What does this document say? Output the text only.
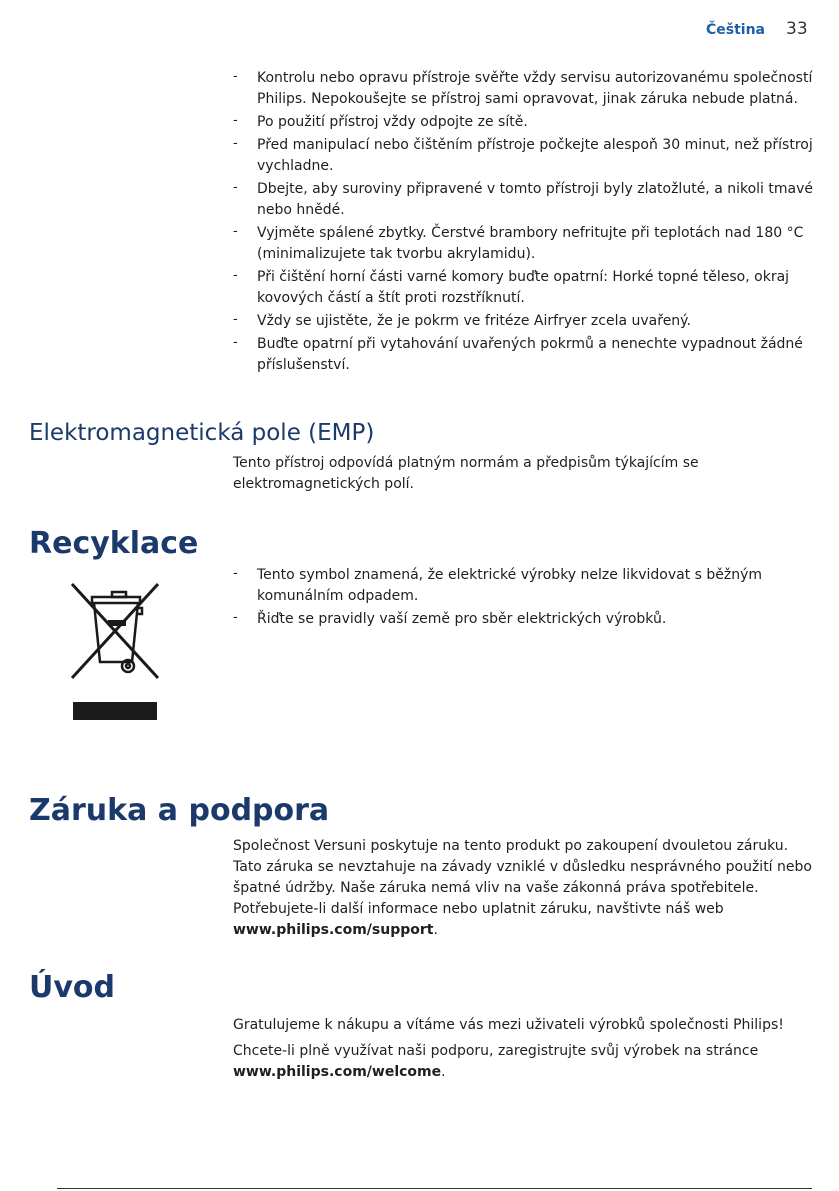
Čeština 33
- Kontrolu nebo opravu přístroje svěřte vždy servisu autorizovanému společností Philips. Nepokoušejte se přístroj sami opravovat, jinak záruka nebude platná.
- Po použití přístroj vždy odpojte ze sítě.
- Před manipulací nebo čištěním přístroje počkejte alespoň 30 minut, než přístroj vychladne.
- Dbejte, aby suroviny připravené v tomto přístroji byly zlatožluté, a nikoli tmavé nebo hnědé.
- Vyjměte spálené zbytky. Čerstvé brambory nefritujte při teplotách nad 180 °C (minimalizujete tak tvorbu akrylamidu).
- Při čištění horní části varné komory buďte opatrní: Horké topné těleso, okraj kovových částí a štít proti rozstříknutí.
- Vždy se ujistěte, že je pokrm ve fritéze Airfryer zcela uvařený.
- Buďte opatrní při vytahování uvařených pokrmů a nenechte vypadnout žádné příslušenství.
Elektromagnetická pole (EMP)

Tento přístroj odpovídá platným normám a předpisům týkajícím se elektromagnetických polí.

Recyklace
- Tento symbol znamená, že elektrické výrobky nelze likvidovat s běžným komunálním odpadem.
- Řiďte se pravidly vaší země pro sběr elektrických výrobků.
Záruka a podpora

Společnost Versuni poskytuje na tento produkt po zakoupení dvouletou záruku. Tato záruka se nevztahuje na závady vzniklé v důsledku nesprávného použití nebo špatné údržby. Naše záruka nemá vliv na vaše zákonná práva spotřebitele. Potřebujete-li další informace nebo uplatnit záruku, navštivte náš web www.philips.com/support.

Úvod

Gratulujeme k nákupu a vítáme vás mezi uživateli výrobků společnosti Philips!

Chcete-li plně využívat naši podporu, zaregistrujte svůj výrobek na stránce
www.philips.com/welcome.
